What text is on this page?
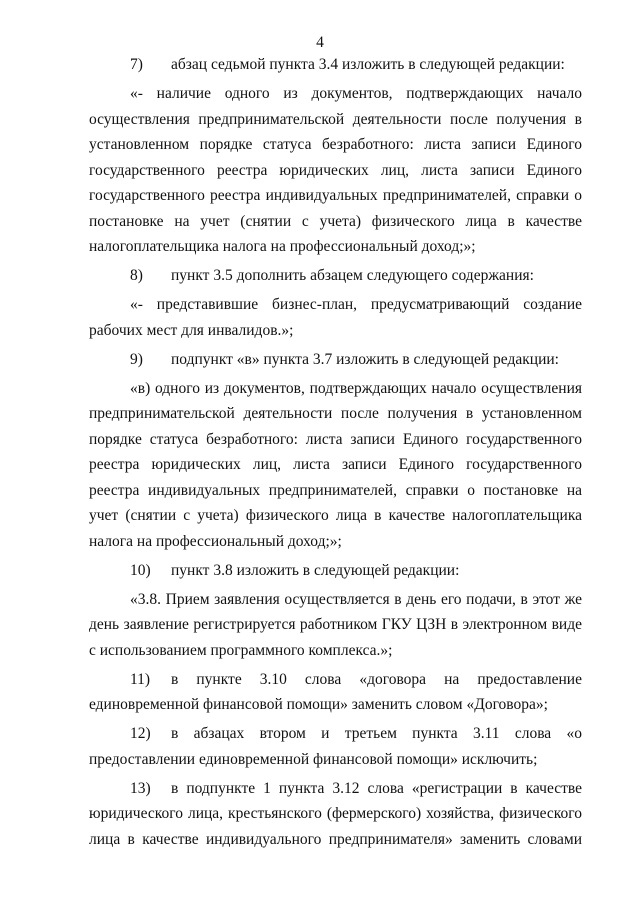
4

7) абзац седьмой пункта 3.4 изложить в следующей редакции:

«- наличие одного из документов, подтверждающих начало осуществления предпринимательской деятельности после получения в установленном порядке статуса безработного: листа записи Единого государственного реестра юридических лиц, листа записи Единого государственного реестра индивидуальных предпринимателей, справки о постановке на учет (снятии с учета) физического лица в качестве налогоплательщика налога на профессиональный доход;»;

8) пункт 3.5 дополнить абзацем следующего содержания:

«- представившие бизнес-план, предусматривающий создание рабочих мест для инвалидов.»;

9) подпункт «в» пункта 3.7 изложить в следующей редакции:

«в) одного из документов, подтверждающих начало осуществления предпринимательской деятельности после получения в установленном порядке статуса безработного: листа записи Единого государственного реестра юридических лиц, листа записи Единого государственного реестра индивидуальных предпринимателей, справки о постановке на учет (снятии с учета) физического лица в качестве налогоплательщика налога на профессиональный доход;»;

10) пункт 3.8 изложить в следующей редакции:

«3.8. Прием заявления осуществляется в день его подачи, в этот же день заявление регистрируется работником ГКУ ЦЗН в электронном виде с использованием программного комплекса.»;

11) в пункте 3.10 слова «договора на предоставление единовременной финансовой помощи» заменить словом «Договора»;

12) в абзацах втором и третьем пункта 3.11 слова «о предоставлении единовременной финансовой помощи» исключить;

13) в подпункте 1 пункта 3.12 слова «регистрации в качестве юридического лица, крестьянского (фермерского) хозяйства, физического лица в качестве индивидуального предпринимателя» заменить словами
